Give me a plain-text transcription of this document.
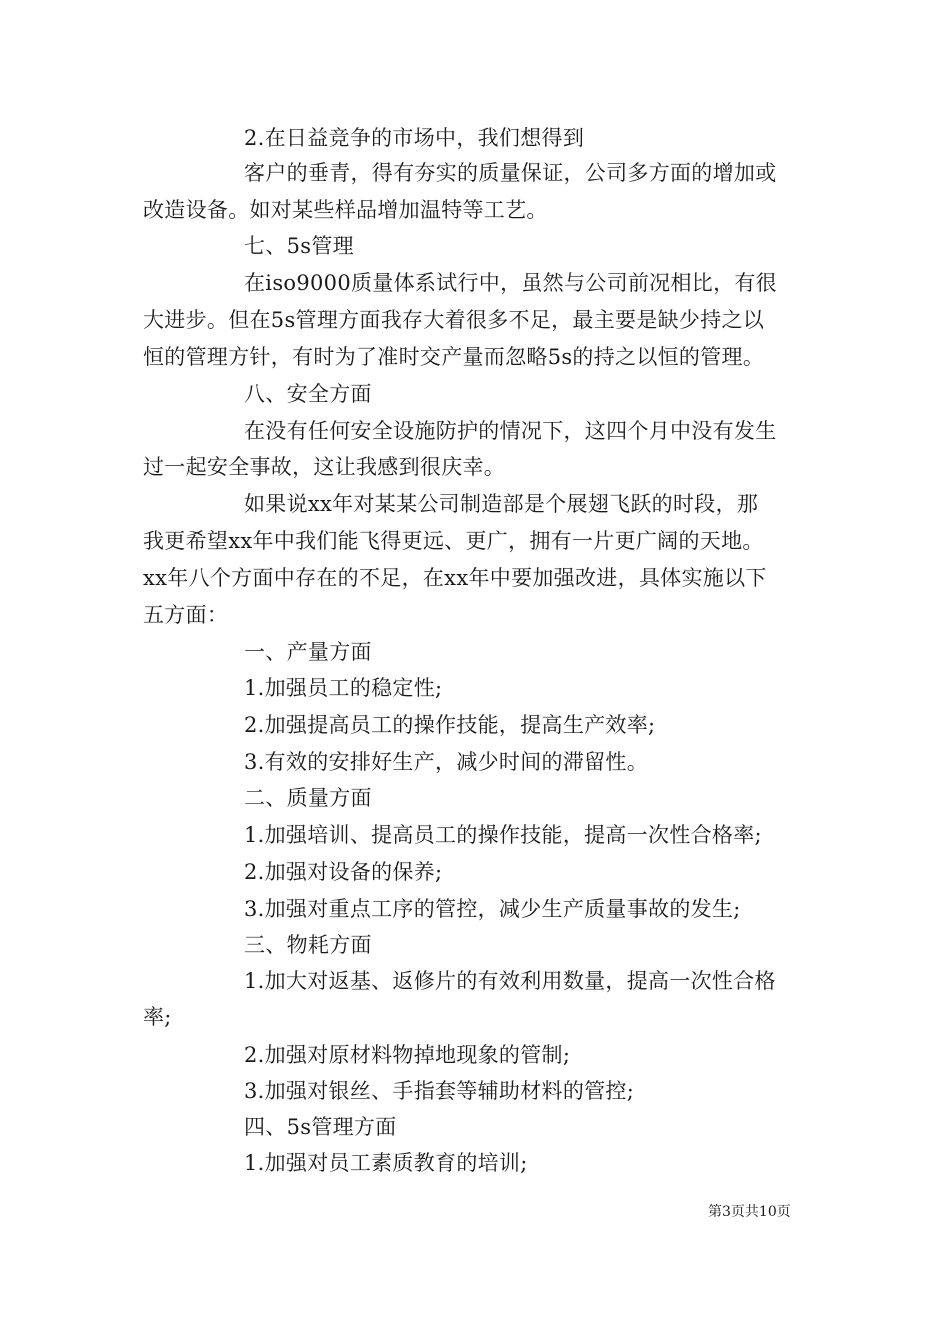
2.在日益竞争的市场中，我们想得到
客户的垂青，得有夯实的质量保证，公司多方面的增加或
改造设备。如对某些样品增加温特等工艺。
七、5s管理
在iso9000质量体系试行中，虽然与公司前况相比，有很
大进步。但在5s管理方面我存大着很多不足，最主要是缺少持之以
恒的管理方针，有时为了准时交产量而忽略5s的持之以恒的管理。
八、安全方面
在没有任何安全设施防护的情况下，这四个月中没有发生
过一起安全事故，这让我感到很庆幸。
如果说xx年对某某公司制造部是个展翅飞跃的时段，那
我更希望xx年中我们能飞得更远、更广，拥有一片更广阔的天地。
xx年八个方面中存在的不足，在xx年中要加强改进，具体实施以下
五方面：
一、产量方面
1.加强员工的稳定性;
2.加强提高员工的操作技能，提高生产效率;
3.有效的安排好生产，减少时间的滞留性。
二、质量方面
1.加强培训、提高员工的操作技能，提高一次性合格率;
2.加强对设备的保养;
3.加强对重点工序的管控，减少生产质量事故的发生;
三、物耗方面
1.加大对返基、返修片的有效利用数量，提高一次性合格
率;
2.加强对原材料物掉地现象的管制;
3.加强对银丝、手指套等辅助材料的管控;
四、5s管理方面
1.加强对员工素质教育的培训;
第3页共10页
